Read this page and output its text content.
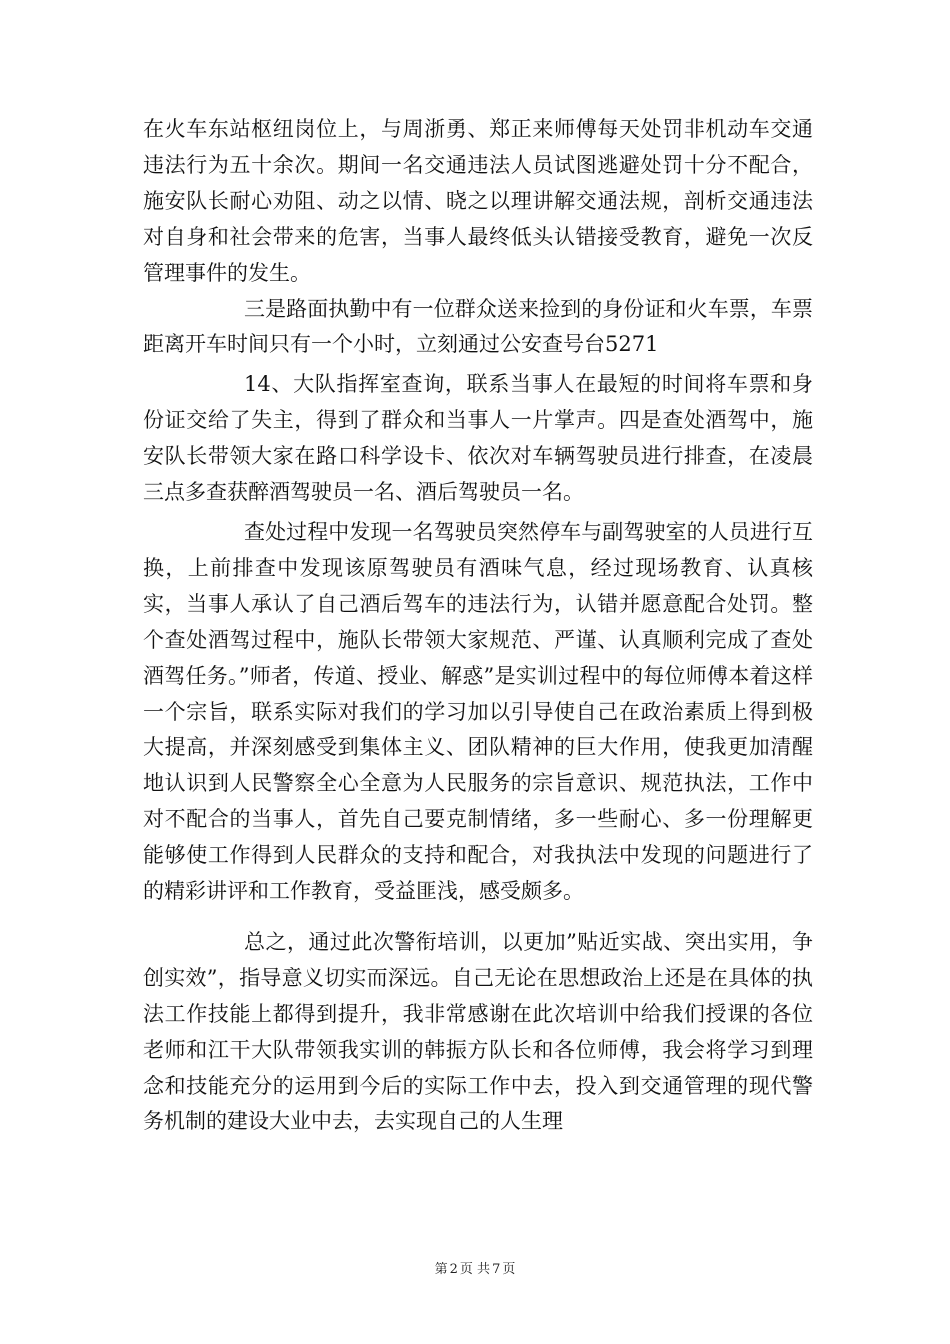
在火车东站枢纽岗位上，与周浙勇、郑正来师傅每天处罚非机动车交通违法行为五十余次。期间一名交通违法人员试图逃避处罚十分不配合，施安队长耐心劝阻、动之以情、晓之以理讲解交通法规，剖析交通违法对自身和社会带来的危害，当事人最终低头认错接受教育，避免一次反管理事件的发生。

三是路面执勤中有一位群众送来捡到的身份证和火车票，车票距离开车时间只有一个小时，立刻通过公安查号台5271

14、大队指挥室查询，联系当事人在最短的时间将车票和身份证交给了失主，得到了群众和当事人一片掌声。四是查处酒驾中，施安队长带领大家在路口科学设卡、依次对车辆驾驶员进行排查，在凌晨三点多查获醉酒驾驶员一名、酒后驾驶员一名。

查处过程中发现一名驾驶员突然停车与副驾驶室的人员进行互换，上前排查中发现该原驾驶员有酒味气息，经过现场教育、认真核实，当事人承认了自己酒后驾车的违法行为，认错并愿意配合处罚。整个查处酒驾过程中，施队长带领大家规范、严谨、认真顺利完成了查处酒驾任务。”师者，传道、授业、解惑”是实训过程中的每位师傅本着这样一个宗旨，联系实际对我们的学习加以引导使自己在政治素质上得到极大提高，并深刻感受到集体主义、团队精神的巨大作用，使我更加清醒地认识到人民警察全心全意为人民服务的宗旨意识、规范执法，工作中对不配合的当事人，首先自己要克制情绪，多一些耐心、多一份理解更能够使工作得到人民群众的支持和配合，对我执法中发现的问题进行了的精彩讲评和工作教育，受益匪浅，感受颇多。

总之，通过此次警衔培训，以更加”贴近实战、突出实用，争创实效”，指导意义切实而深远。自己无论在思想政治上还是在具体的执法工作技能上都得到提升，我非常感谢在此次培训中给我们授课的各位老师和江干大队带领我实训的韩振方队长和各位师傅，我会将学习到理念和技能充分的运用到今后的实际工作中去，投入到交通管理的现代警务机制的建设大业中去，去实现自己的人生理

第 2 页 共 7 页
